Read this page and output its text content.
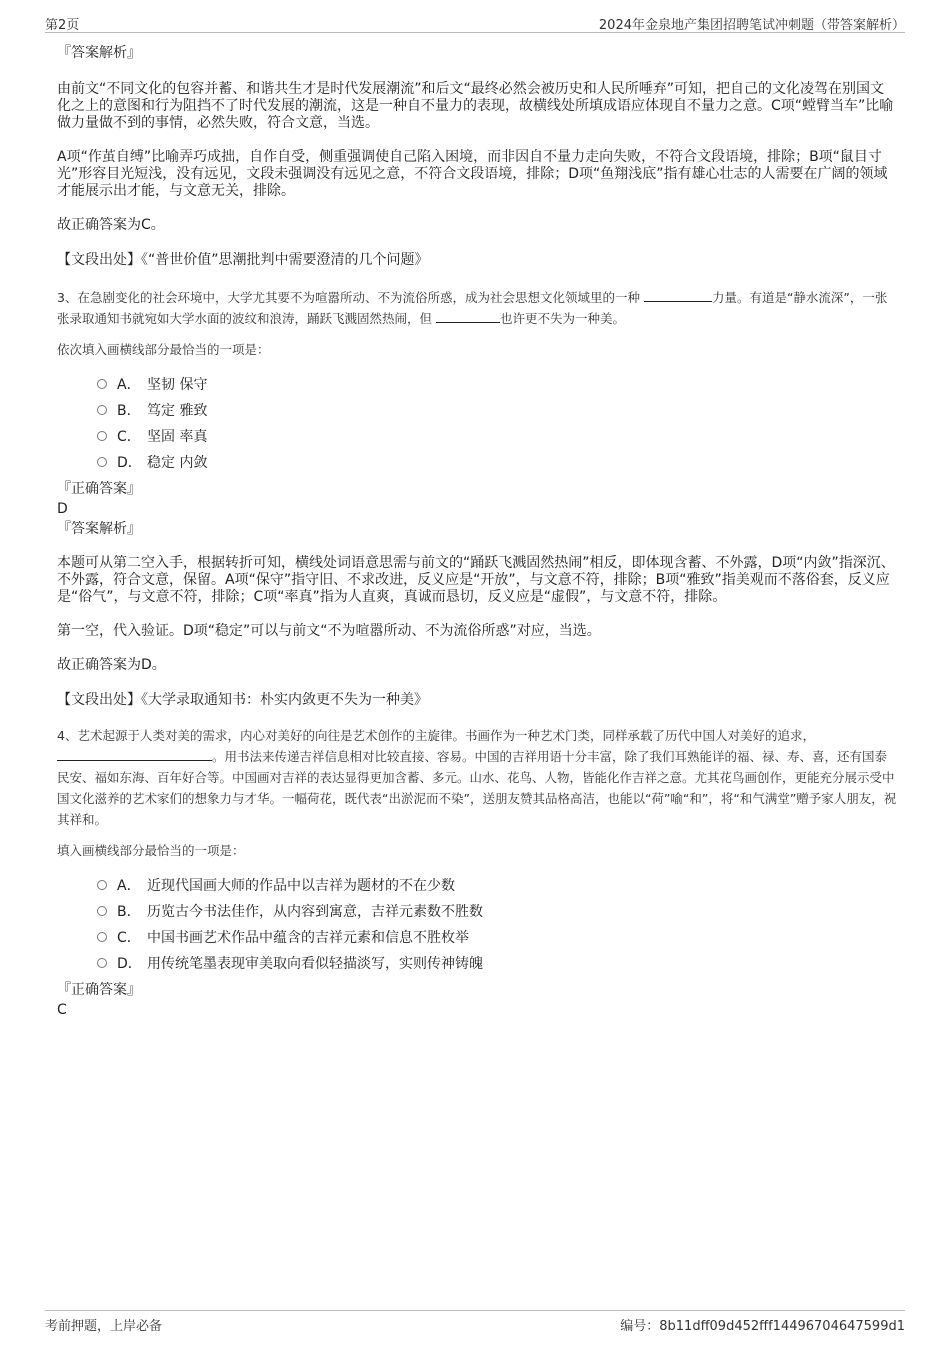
第2页	2024年金泉地产集团招聘笔试冲刺题（带答案解析）

『答案解析』

由前文“不同文化的包容并蓄、和谐共生才是时代发展潮流”和后文“最终必然会被历史和人民所唾弃”可知，把自己的文化凌驾在别国文化之上的意图和行为阻挡不了时代发展的潮流，这是一种自不量力的表现，故横线处所填成语应体现自不量力之意。C项“螳臂当车”比喻做力量做不到的事情，必然失败，符合文意，当选。

A项“作茧自缚”比喻弄巧成拙，自作自受，侧重强调使自己陷入困境，而非因自不量力走向失败，不符合文段语境，排除；B项“鼠目寸光”形容目光短浅，没有远见，文段未强调没有远见之意，不符合文段语境，排除；D项“鱼翔浅底”指有雄心壮志的人需要在广阔的领域才能展示出才能，与文意无关，排除。

故正确答案为C。

【文段出处】《“普世价值”思潮批判中需要澄清的几个问题》

3、在急剧变化的社会环境中，大学尤其要不为喧嚣所动、不为流俗所惑，成为社会思想文化领域里的一种	力量。有道是“静水流深”，一张张录取通知书就宛如大学水面的波纹和浪涛，踊跃飞溅固然热闹，但	也许更不失为一种美。

依次填入画横线部分最恰当的一项是：

A． 坚韧 保守
B． 笃定 雅致
C． 坚固 率真
D． 稳定 内敛

『正确答案』

D

『答案解析』

本题可从第二空入手，根据转折可知，横线处词语意思需与前文的“踊跃飞溅固然热闹”相反，即体现含蓄、不外露，D项“内敛”指深沉、不外露，符合文意，保留。A项“保守”指守旧、不求改进，反义应是“开放”，与文意不符，排除；B项“雅致”指美观而不落俗套，反义应是“俗气”，与文意不符，排除；C项“率真”指为人直爽，真诚而恳切，反义应是“虚假”，与文意不符，排除。

第一空，代入验证。D项“稳定”可以与前文“不为喧嚣所动、不为流俗所惑”对应，当选。

故正确答案为D。

【文段出处】《大学录取通知书：朴实内敛更不失为一种美》

4、艺术起源于人类对美的需求，内心对美好的向往是艺术创作的主旋律。书画作为一种艺术门类，同样承载了历代中国人对美好的追求，。用书法来传递吉祥信息相对比较直接、容易。中国的吉祥用语十分丰富，除了我们耳熟能详的福、禄、寿、喜，还有国泰民安、福如东海、百年好合等。中国画对吉祥的表达显得更加含蓄、多元。山水、花鸟、人物，皆能化作吉祥之意。尤其花鸟画创作，更能充分展示受中国文化滋养的艺术家们的想象力与才华。一幅荷花，既代表“出淤泥而不染”，送朋友赞其品格高洁，也能以“荷”喻“和”，将“和气满堂”赠予家人朋友，祝其祥和。

填入画横线部分最恰当的一项是：

A． 近现代国画大师的作品中以吉祥为题材的不在少数
B． 历览古今书法佳作，从内容到寓意，吉祥元素数不胜数
C． 中国书画艺术作品中蕴含的吉祥元素和信息不胜枚举
D． 用传统笔墨表现审美取向看似轻描淡写，实则传神铸魄

『正确答案』

C

考前押题，上岸必备	编号：8b11dff09d452fff14496704647599d1
